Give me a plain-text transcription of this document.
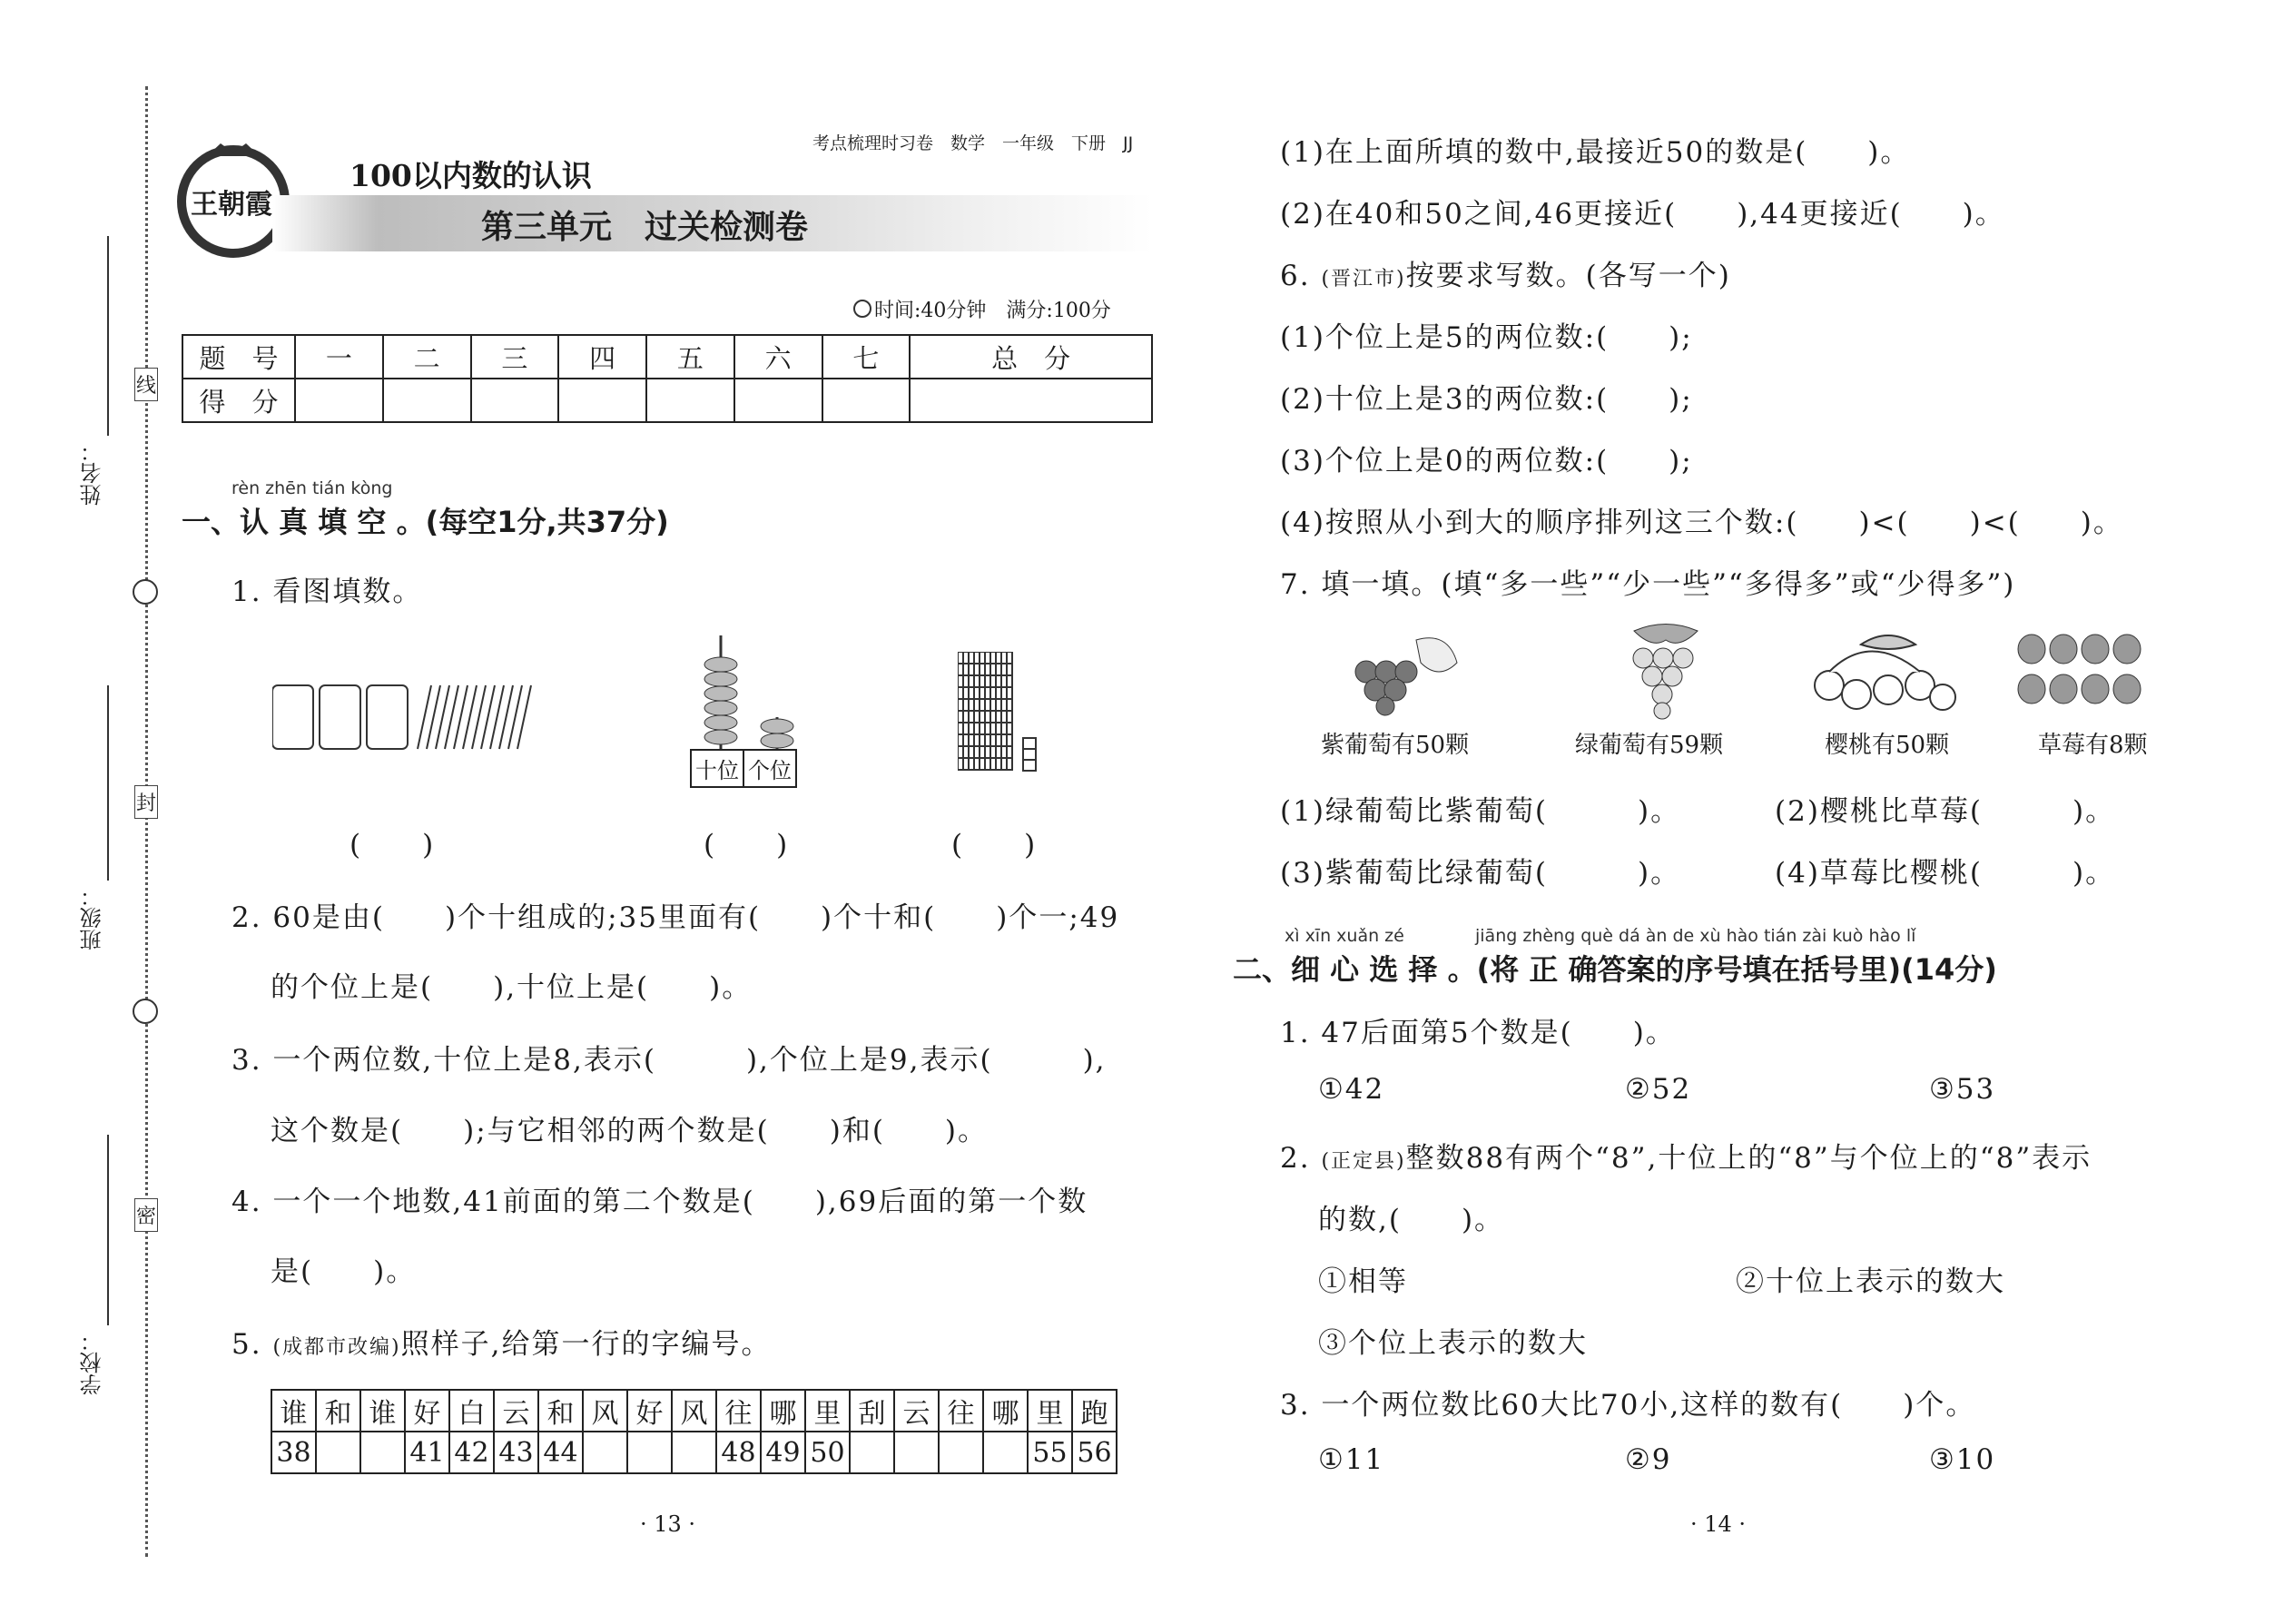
姓名：
班级：
学校：
线
封
密
王朝霞
100以内数的认识
考点梳理时习卷　数学　一年级　下册　JJ
第三单元　过关检测卷
时间:40分钟　满分:100分
题　号	一	二	三	四	五	六	七	总　分
得　分								
rèn zhēn tián kòng
一、认 真 填 空 。(每空1分,共37分)
1. 看图填数。
十位	个位
(　　)	(　　)	(　　)
2. 60是由(　　)个十组成的;35里面有(　　)个十和(　　)个一;49
的个位上是(　　),十位上是(　　)。
3. 一个两位数,十位上是8,表示(　　　),个位上是9,表示(　　　),
这个数是(　　);与它相邻的两个数是(　　)和(　　)。
4. 一个一个地数,41前面的第二个数是(　　),69后面的第一个数
是(　　)。
5. (成都市改编)照样子,给第一行的字编号。
谁	和	谁	好	白	云	和	风	好	风	往	哪	里	刮	云	往	哪	里	跑
38			41	42	43	44				48	49	50					55	56
· 13 ·
(1)在上面所填的数中,最接近50的数是(　　)。
(2)在40和50之间,46更接近(　　),44更接近(　　)。
6. (晋江市)按要求写数。(各写一个)
(1)个位上是5的两位数:(　　);
(2)十位上是3的两位数:(　　);
(3)个位上是0的两位数:(　　);
(4)按照从小到大的顺序排列这三个数:(　　)<(　　)<(　　)。
7. 填一填。(填“多一些”“少一些”“多得多”或“少得多”)
紫葡萄有50颗	绿葡萄有59颗	樱桃有50颗	草莓有8颗
(1)绿葡萄比紫葡萄(　　　)。	(2)樱桃比草莓(　　　)。
(3)紫葡萄比绿葡萄(　　　)。	(4)草莓比樱桃(　　　)。
xì xīn xuǎn zé	jiāng zhèng què dá àn de xù hào tián zài kuò hào lǐ
二、细 心 选 择 。(将 正 确答案的序号填在括号里)(14分)
1. 47后面第5个数是(　　)。
①42	②52	③53
2. (正定县)整数88有两个“8”,十位上的“8”与个位上的“8”表示
的数,(　　)。
①相等	②十位上表示的数大
③个位上表示的数大
3. 一个两位数比60大比70小,这样的数有(　　)个。
①11	②9	③10
· 14 ·
